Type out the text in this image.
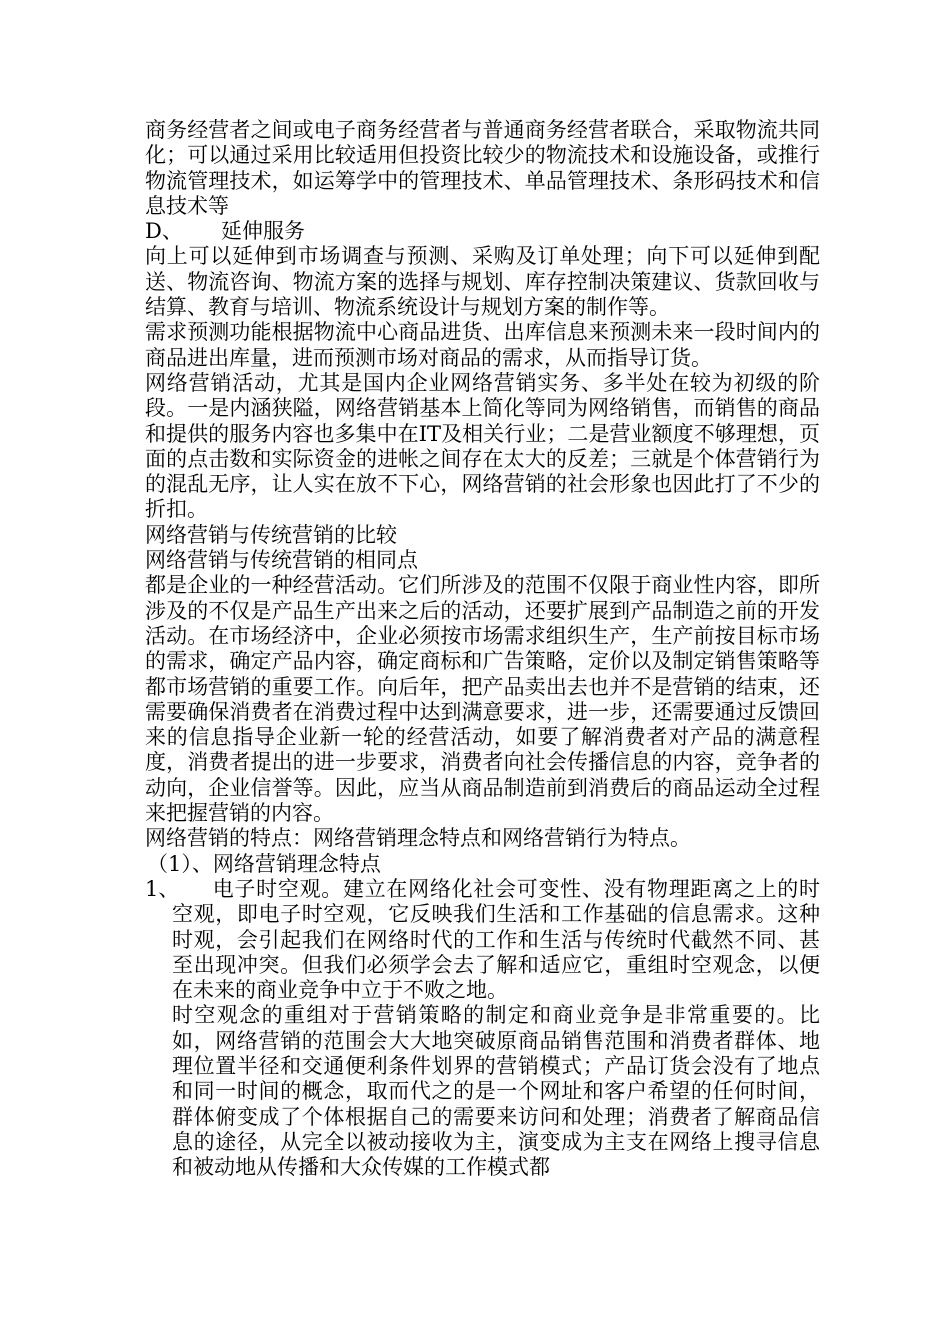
商务经营者之间或电子商务经营者与普通商务经营者联合，采取物流共同化；可以通过采用比较适用但投资比较少的物流技术和设施设备，或推行物流管理技术，如运筹学中的管理技术、单品管理技术、条形码技术和信息技术等

D、 延伸服务

向上可以延伸到市场调查与预测、采购及订单处理；向下可以延伸到配送、物流咨询、物流方案的选择与规划、库存控制决策建议、货款回收与结算、教育与培训、物流系统设计与规划方案的制作等。

需求预测功能根据物流中心商品进货、出库信息来预测未来一段时间内的商品进出库量，进而预测市场对商品的需求，从而指导订货。

网络营销活动，尤其是国内企业网络营销实务、多半处在较为初级的阶段。一是内涵狭隘，网络营销基本上简化等同为网络销售，而销售的商品和提供的服务内容也多集中在IT及相关行业；二是营业额度不够理想，页面的点击数和实际资金的进帐之间存在太大的反差；三就是个体营销行为的混乱无序，让人实在放不下心，网络营销的社会形象也因此打了不少的折扣。

网络营销与传统营销的比较

网络营销与传统营销的相同点

都是企业的一种经营活动。它们所涉及的范围不仅限于商业性内容，即所涉及的不仅是产品生产出来之后的活动，还要扩展到产品制造之前的开发活动。在市场经济中，企业必须按市场需求组织生产，生产前按目标市场的需求，确定产品内容，确定商标和广告策略，定价以及制定销售策略等都市场营销的重要工作。向后年，把产品卖出去也并不是营销的结束，还需要确保消费者在消费过程中达到满意要求，进一步，还需要通过反馈回来的信息指导企业新一轮的经营活动，如要了解消费者对产品的满意程度，消费者提出的进一步要求，消费者向社会传播信息的内容，竞争者的动向，企业信誉等。因此，应当从商品制造前到消费后的商品运动全过程来把握营销的内容。

网络营销的特点：网络营销理念特点和网络营销行为特点。

（1）、网络营销理念特点

1、	电子时空观。建立在网络化社会可变性、没有物理距离之上的时空观，即电子时空观，它反映我们生活和工作基础的信息需求。这种时观，会引起我们在网络时代的工作和生活与传统时代截然不同、甚至出现冲突。但我们必须学会去了解和适应它，重组时空观念，以便在未来的商业竞争中立于不败之地。

时空观念的重组对于营销策略的制定和商业竞争是非常重要的。比如，网络营销的范围会大大地突破原商品销售范围和消费者群体、地理位置半径和交通便利条件划界的营销模式；产品订货会没有了地点和同一时间的概念，取而代之的是一个网址和客户希望的任何时间，群体俯变成了个体根据自己的需要来访问和处理；消费者了解商品信息的途径，从完全以被动接收为主，演变成为主支在网络上搜寻信息和被动地从传播和大众传媒的工作模式都
